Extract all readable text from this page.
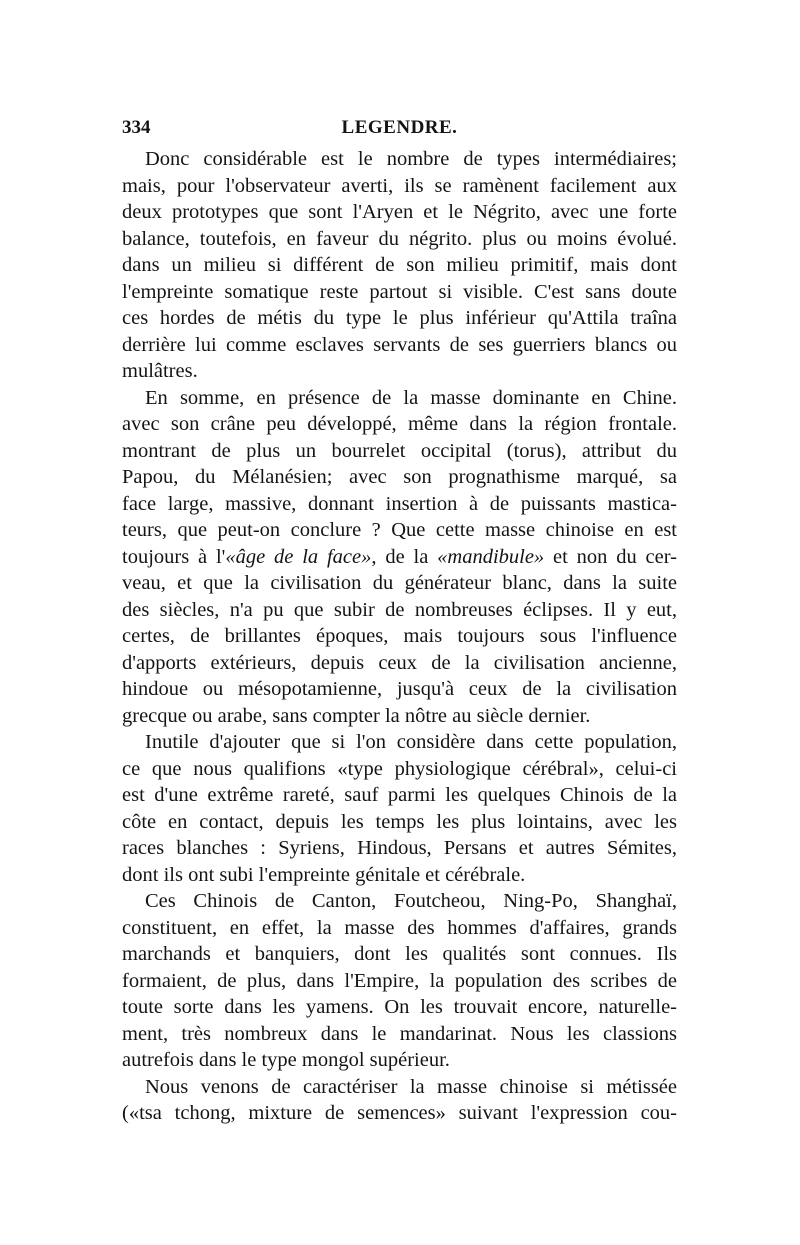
334	LEGENDRE.
Donc considérable est le nombre de types intermédiaires;
mais, pour l'observateur averti, ils se ramènent facilement aux
deux prototypes que sont l'Aryen et le Négrito, avec une forte
balance, toutefois, en faveur du négrito. plus ou moins évolué.
dans un milieu si différent de son milieu primitif, mais dont
l'empreinte somatique reste partout si visible. C'est sans doute
ces hordes de métis du type le plus inférieur qu'Attila traîna
derrière lui comme esclaves servants de ses guerriers blancs ou
mulâtres.
En somme, en présence de la masse dominante en Chine.
avec son crâne peu développé, même dans la région frontale.
montrant de plus un bourrelet occipital (torus), attribut du
Papou, du Mélanésien; avec son prognathisme marqué, sa
face large, massive, donnant insertion à de puissants mastica-
teurs, que peut-on conclure ? Que cette masse chinoise en est
toujours à l'«âge de la face», de la «mandibule» et non du cer-
veau, et que la civilisation du générateur blanc, dans la suite
des siècles, n'a pu que subir de nombreuses éclipses. Il y eut,
certes, de brillantes époques, mais toujours sous l'influence
d'apports extérieurs, depuis ceux de la civilisation ancienne,
hindoue ou mésopotamienne, jusqu'à ceux de la civilisation
grecque ou arabe, sans compter la nôtre au siècle dernier.
Inutile d'ajouter que si l'on considère dans cette population,
ce que nous qualifions «type physiologique cérébral», celui-ci
est d'une extrême rareté, sauf parmi les quelques Chinois de la
côte en contact, depuis les temps les plus lointains, avec les
races blanches : Syriens, Hindous, Persans et autres Sémites,
dont ils ont subi l'empreinte génitale et cérébrale.
Ces Chinois de Canton, Foutcheou, Ning-Po, Shanghaï,
constituent, en effet, la masse des hommes d'affaires, grands
marchands et banquiers, dont les qualités sont connues. Ils
formaient, de plus, dans l'Empire, la population des scribes de
toute sorte dans les yamens. On les trouvait encore, naturelle-
ment, très nombreux dans le mandarinat. Nous les classions
autrefois dans le type mongol supérieur.
Nous venons de caractériser la masse chinoise si métissée
(«tsa tchong, mixture de semences» suivant l'expression cou-
